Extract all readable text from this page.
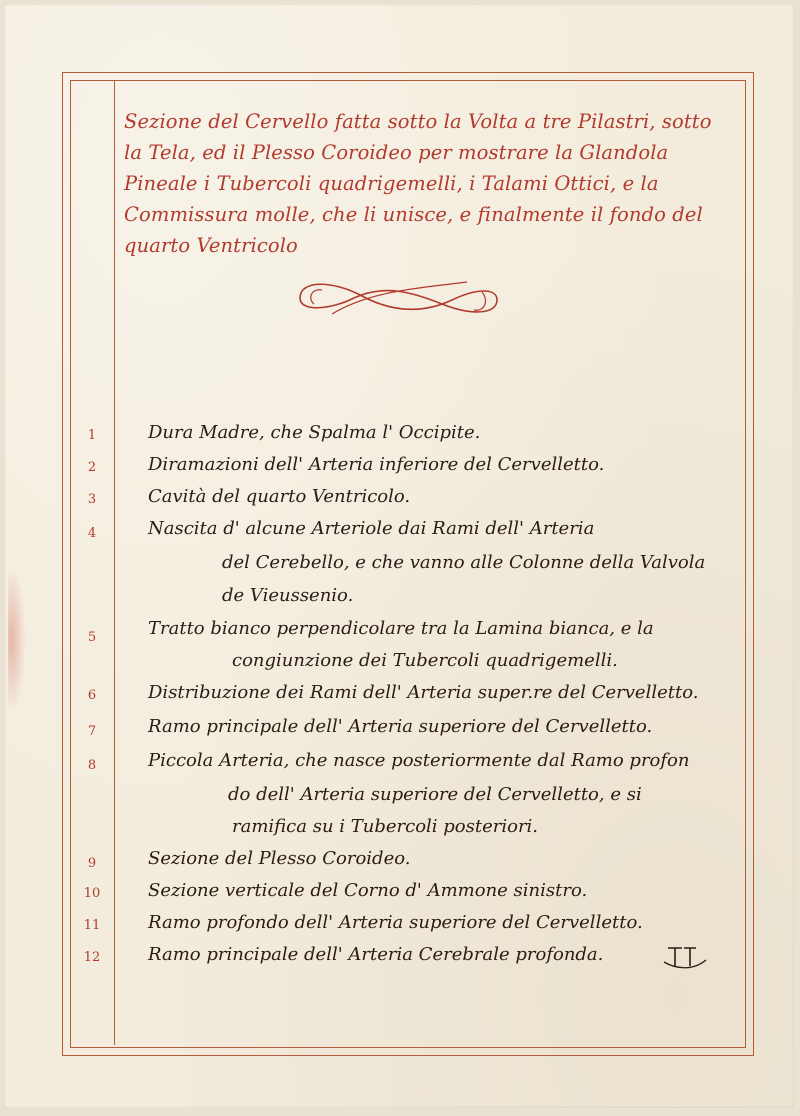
Sezione del Cervello fatta sotto la Volta a tre Pilastri, sotto la Tela, ed il Plesso Coroideo per mostrare la Glandola Pineale i Tubercoli quadrigemelli, i Talami Ottici, e la Commissura molle, che li unisce, e finalmente il fondo del quarto Ventricolo
1	Dura Madre, che Spalma l' Occipite.
2	Diramazioni dell' Arteria inferiore del Cervelletto.
3	Cavità del quarto Ventricolo.
4	Nascita d' alcune Arteriole dai Rami dell' Arteria
del Cerebello, e che vanno alle Colonne della Valvola
de Vieussenio.
5	Tratto bianco perpendicolare tra la Lamina bianca, e la
congiunzione dei Tubercoli quadrigemelli.
6	Distribuzione dei Rami dell' Arteria super.re del Cervelletto.
7	Ramo principale dell' Arteria superiore del Cervelletto.
8	Piccola Arteria, che nasce posteriormente dal Ramo profon
do dell' Arteria superiore del Cervelletto, e si
ramifica su i Tubercoli posteriori.
9	Sezione del Plesso Coroideo.
10	Sezione verticale del Corno d' Ammone sinistro.
11	Ramo profondo dell' Arteria superiore del Cervelletto.
12	Ramo principale dell' Arteria Cerebrale profonda.
